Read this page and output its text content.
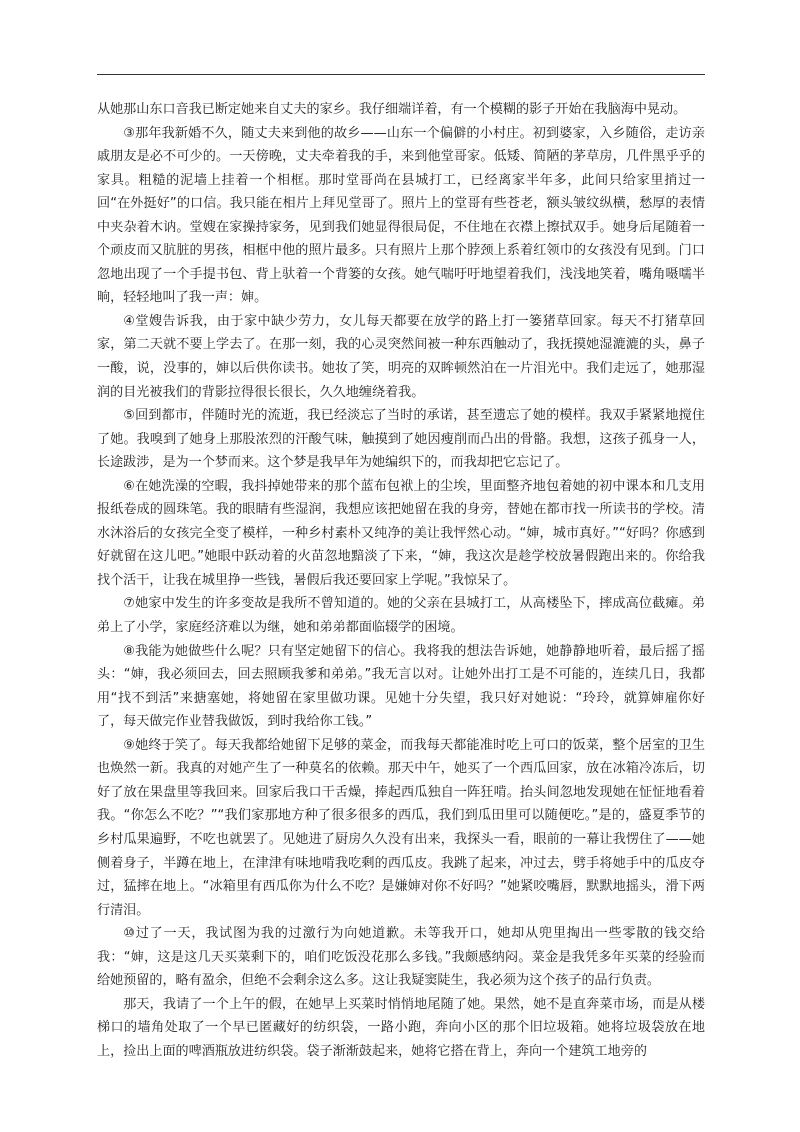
从她那山东口音我已断定她来自丈夫的家乡。我仔细端详着，有一个模糊的影子开始在我脑海中晃动。

③那年我新婚不久，随丈夫来到他的故乡——山东一个偏僻的小村庄。初到婆家，入乡随俗，走访亲戚朋友是必不可少的。一天傍晚，丈夫牵着我的手，来到他堂哥家。低矮、简陋的茅草房，几件黑乎乎的家具。粗糙的泥墙上挂着一个相框。那时堂哥尚在县城打工，已经离家半年多，此间只给家里捎过一回“在外挺好”的口信。我只能在相片上拜见堂哥了。照片上的堂哥有些苍老，额头皱纹纵横，愁厚的表情中夹杂着木讷。堂嫂在家操持家务，见到我们她显得很局促，不住地在衣襟上擦拭双手。她身后尾随着一个顽皮而又肮脏的男孩，相框中他的照片最多。只有照片上那个脖颈上系着红领巾的女孩没有见到。门口忽地出现了一个手提书包、背上驮着一个背篓的女孩。她气喘吁吁地望着我们，浅浅地笑着，嘴角嗫嚅半晌，轻轻地叫了我一声：婶。

④堂嫂告诉我，由于家中缺少劳力，女儿每天都要在放学的路上打一篓猪草回家。每天不打猪草回家，第二天就不要上学去了。在那一刻，我的心灵突然间被一种东西触动了，我抚摸她湿漉漉的头，鼻子一酸，说，没事的，婶以后供你读书。她妆了笑，明亮的双眸顿然泊在一片泪光中。我们走远了，她那湿润的目光被我们的背影拉得很长很长，久久地缠绕着我。

⑤回到都市，伴随时光的流逝，我已经淡忘了当时的承诺，甚至遗忘了她的模样。我双手紧紧地搅住了她。我嗅到了她身上那股浓烈的汗酸气味，触摸到了她因瘦削而凸出的骨骼。我想，这孩子孤身一人，长途跋涉，是为一个梦而来。这个梦是我早年为她编织下的，而我却把它忘记了。

⑥在她洗澡的空暇，我抖掉她带来的那个蓝布包袱上的尘埃，里面整齐地包着她的初中课本和几支用报纸卷成的圆珠笔。我的眼睛有些湿润，我想应该把她留在我的身旁，替她在都市找一所读书的学校。清水沐浴后的女孩完全变了模样，一种乡村素朴又纯净的美让我怦然心动。“婶，城市真好。”“好吗？你感到好就留在这儿吧。”她眼中跃动着的火苗忽地黯淡了下来，“婶，我这次是趁学校放暑假跑出来的。你给我找个活干，让我在城里挣一些钱，暑假后我还要回家上学呢。”我惊呆了。

⑦她家中发生的许多变故是我所不曾知道的。她的父亲在县城打工，从高楼坠下，摔成高位截瘫。弟弟上了小学，家庭经济难以为继，她和弟弟都面临辍学的困境。

⑧我能为她做些什么呢？只有坚定她留下的信心。我将我的想法告诉她，她静静地听着，最后摇了摇头：“婶，我必须回去，回去照顾我爹和弟弟。”我无言以对。让她外出打工是不可能的，连续几日，我都用“找不到活”来搪塞她，将她留在家里做功课。见她十分失望，我只好对她说：“玲玲，就算婶雇你好了，每天做完作业替我做饭，到时我给你工钱。”

⑨她终于笑了。每天我都给她留下足够的菜金，而我每天都能准时吃上可口的饭菜，整个居室的卫生也焕然一新。我真的对她产生了一种莫名的依赖。那天中午，她买了一个西瓜回家，放在冰箱冷冻后，切好了放在果盘里等我回来。回家后我口干舌燥，捧起西瓜独自一阵狂啃。抬头间忽地发现她在怔怔地看着我。“你怎么不吃？”“我们家那地方种了很多很多的西瓜，我们到瓜田里可以随便吃。”是的，盛夏季节的乡村瓜果遍野，不吃也就罢了。见她进了厨房久久没有出来，我探头一看，眼前的一幕让我愣住了——她侧着身子，半蹲在地上，在津津有味地啃我吃剩的西瓜皮。我跳了起来，冲过去，劈手将她手中的瓜皮夺过，猛摔在地上。“冰箱里有西瓜你为什么不吃？是嫌婶对你不好吗？”她紧咬嘴唇，默默地摇头，滑下两行清泪。

⑩过了一天，我试图为我的过激行为向她道歉。未等我开口，她却从兜里掏出一些零散的钱交给我：“婶，这是这几天买菜剩下的，咱们吃饭没花那么多钱。”我颇感纳闷。菜金是我凭多年买菜的经验而给她预留的，略有盈余，但绝不会剩余这么多。这让我疑窦陡生，我必须为这个孩子的品行负责。

那天，我请了一个上午的假，在她早上买菜时悄悄地尾随了她。果然，她不是直奔菜市场，而是从楼梯口的墙角处取了一个早已匿藏好的纺织袋，一路小跑，奔向小区的那个旧垃圾箱。她将垃圾袋放在地上，捡出上面的啤酒瓶放进纺织袋。袋子渐渐鼓起来，她将它搭在背上，奔向一个建筑工地旁的
